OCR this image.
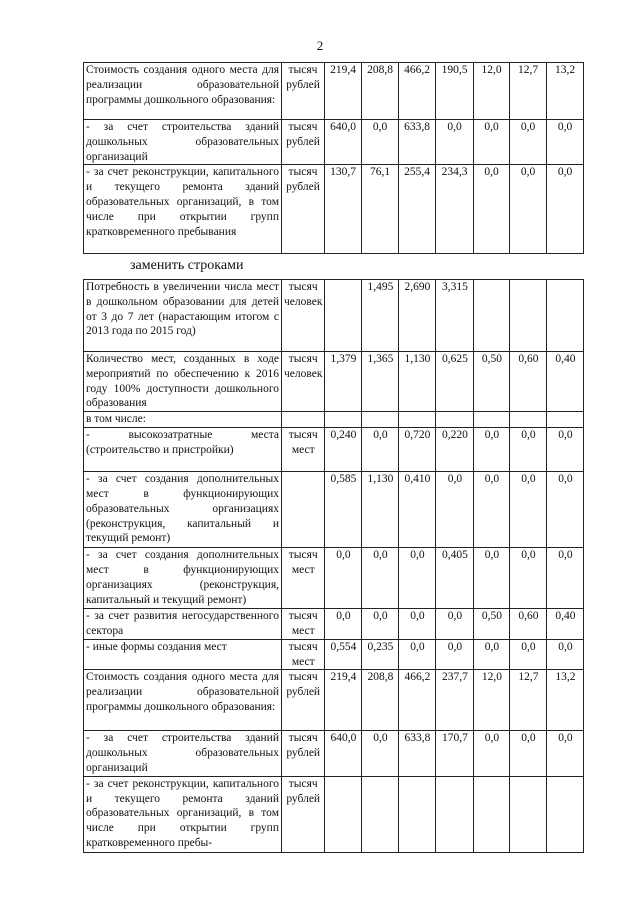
2
Стоимость создания одного места для реализации образовательной программы дошкольного образования:	тысяч рублей	219,4	208,8	466,2	190,5	12,0	12,7	13,2
- за счет строительства зданий дошкольных образовательных организаций	тысяч рублей	640,0	0,0	633,8	0,0	0,0	0,0	0,0
- за счет реконструкции, капитального и текущего ремонта зданий образовательных организаций, в том числе при открытии групп кратковременного пребывания	тысяч рублей	130,7	76,1	255,4	234,3	0,0	0,0	0,0
заменить строками
Потребность в увеличении числа мест в дошкольном образовании для детей от 3 до 7 лет (нарастающим итогом с 2013 года по 2015 год)	тысяч человек		1,495	2,690	3,315			
Количество мест, созданных в ходе мероприятий по обеспечению к 2016 году 100% доступности дошкольного образования	тысяч человек	1,379	1,365	1,130	0,625	0,50	0,60	0,40
в том числе:								
- высокозатратные места (строительство и пристройки)	тысяч мест	0,240	0,0	0,720	0,220	0,0	0,0	0,0
- за счет создания дополнительных мест в функционирующих образовательных организациях (реконструкция, капитальный и текущий ремонт)		0,585	1,130	0,410	0,0	0,0	0,0	0,0
- за счет создания дополнительных мест в функционирующих организациях (реконструкция, капитальный и текущий ремонт)	тысяч мест	0,0	0,0	0,0	0,405	0,0	0,0	0,0
- за счет развития негосударственного сектора	тысяч мест	0,0	0,0	0,0	0,0	0,50	0,60	0,40
- иные формы создания мест	тысяч мест	0,554	0,235	0,0	0,0	0,0	0,0	0,0
Стоимость создания одного места для реализации образовательной программы дошкольного образования:	тысяч рублей	219,4	208,8	466,2	237,7	12,0	12,7	13,2
- за счет строительства зданий дошкольных образовательных организаций	тысяч рублей	640,0	0,0	633,8	170,7	0,0	0,0	0,0
- за счет реконструкции, капитального и текущего ремонта зданий образовательных организаций, в том числе при открытии групп кратковременного пребы-	тысяч рублей							
